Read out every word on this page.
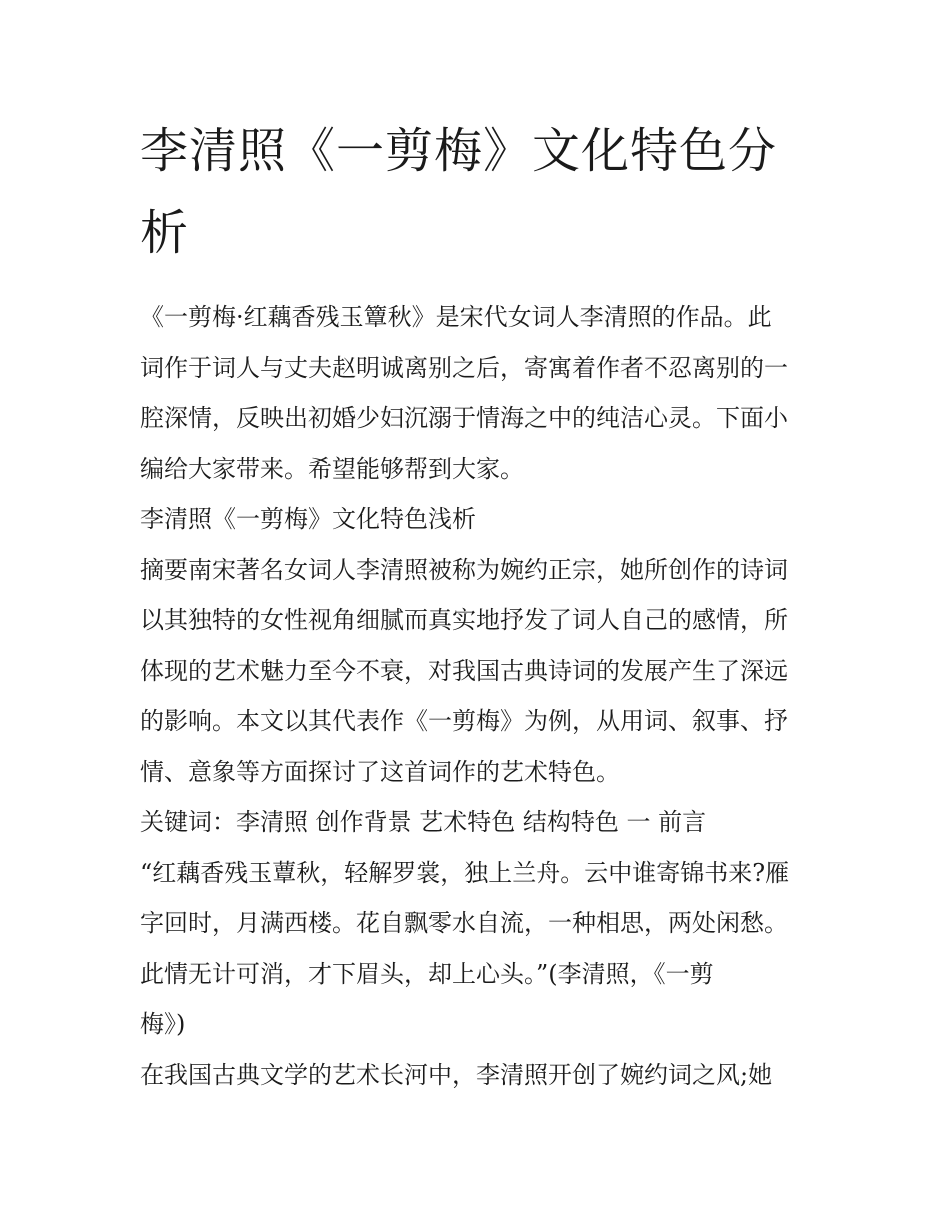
李清照《一剪梅》文化特色分
析

《一剪梅·红藕香残玉簟秋》是宋代女词人李清照的作品。此
词作于词人与丈夫赵明诚离别之后，寄寓着作者不忍离别的一
腔深情，反映出初婚少妇沉溺于情海之中的纯洁心灵。下面小
编给大家带来。希望能够帮到大家。

李清照《一剪梅》文化特色浅析

摘要南宋著名女词人李清照被称为婉约正宗，她所创作的诗词
以其独特的女性视角细腻而真实地抒发了词人自己的感情，所
体现的艺术魅力至今不衰，对我国古典诗词的发展产生了深远
的影响。本文以其代表作《一剪梅》为例，从用词、叙事、抒
情、意象等方面探讨了这首词作的艺术特色。

关键词：李清照 创作背景 艺术特色 结构特色 一 前言

“红藕香残玉蕈秋，轻解罗裳，独上兰舟。云中谁寄锦书来?雁
字回时，月满西楼。花自飘零水自流，一种相思，两处闲愁。
此情无计可消，才下眉头，却上心头。”(李清照，《一剪
梅》)

在我国古典文学的艺术长河中，李清照开创了婉约词之风;她
